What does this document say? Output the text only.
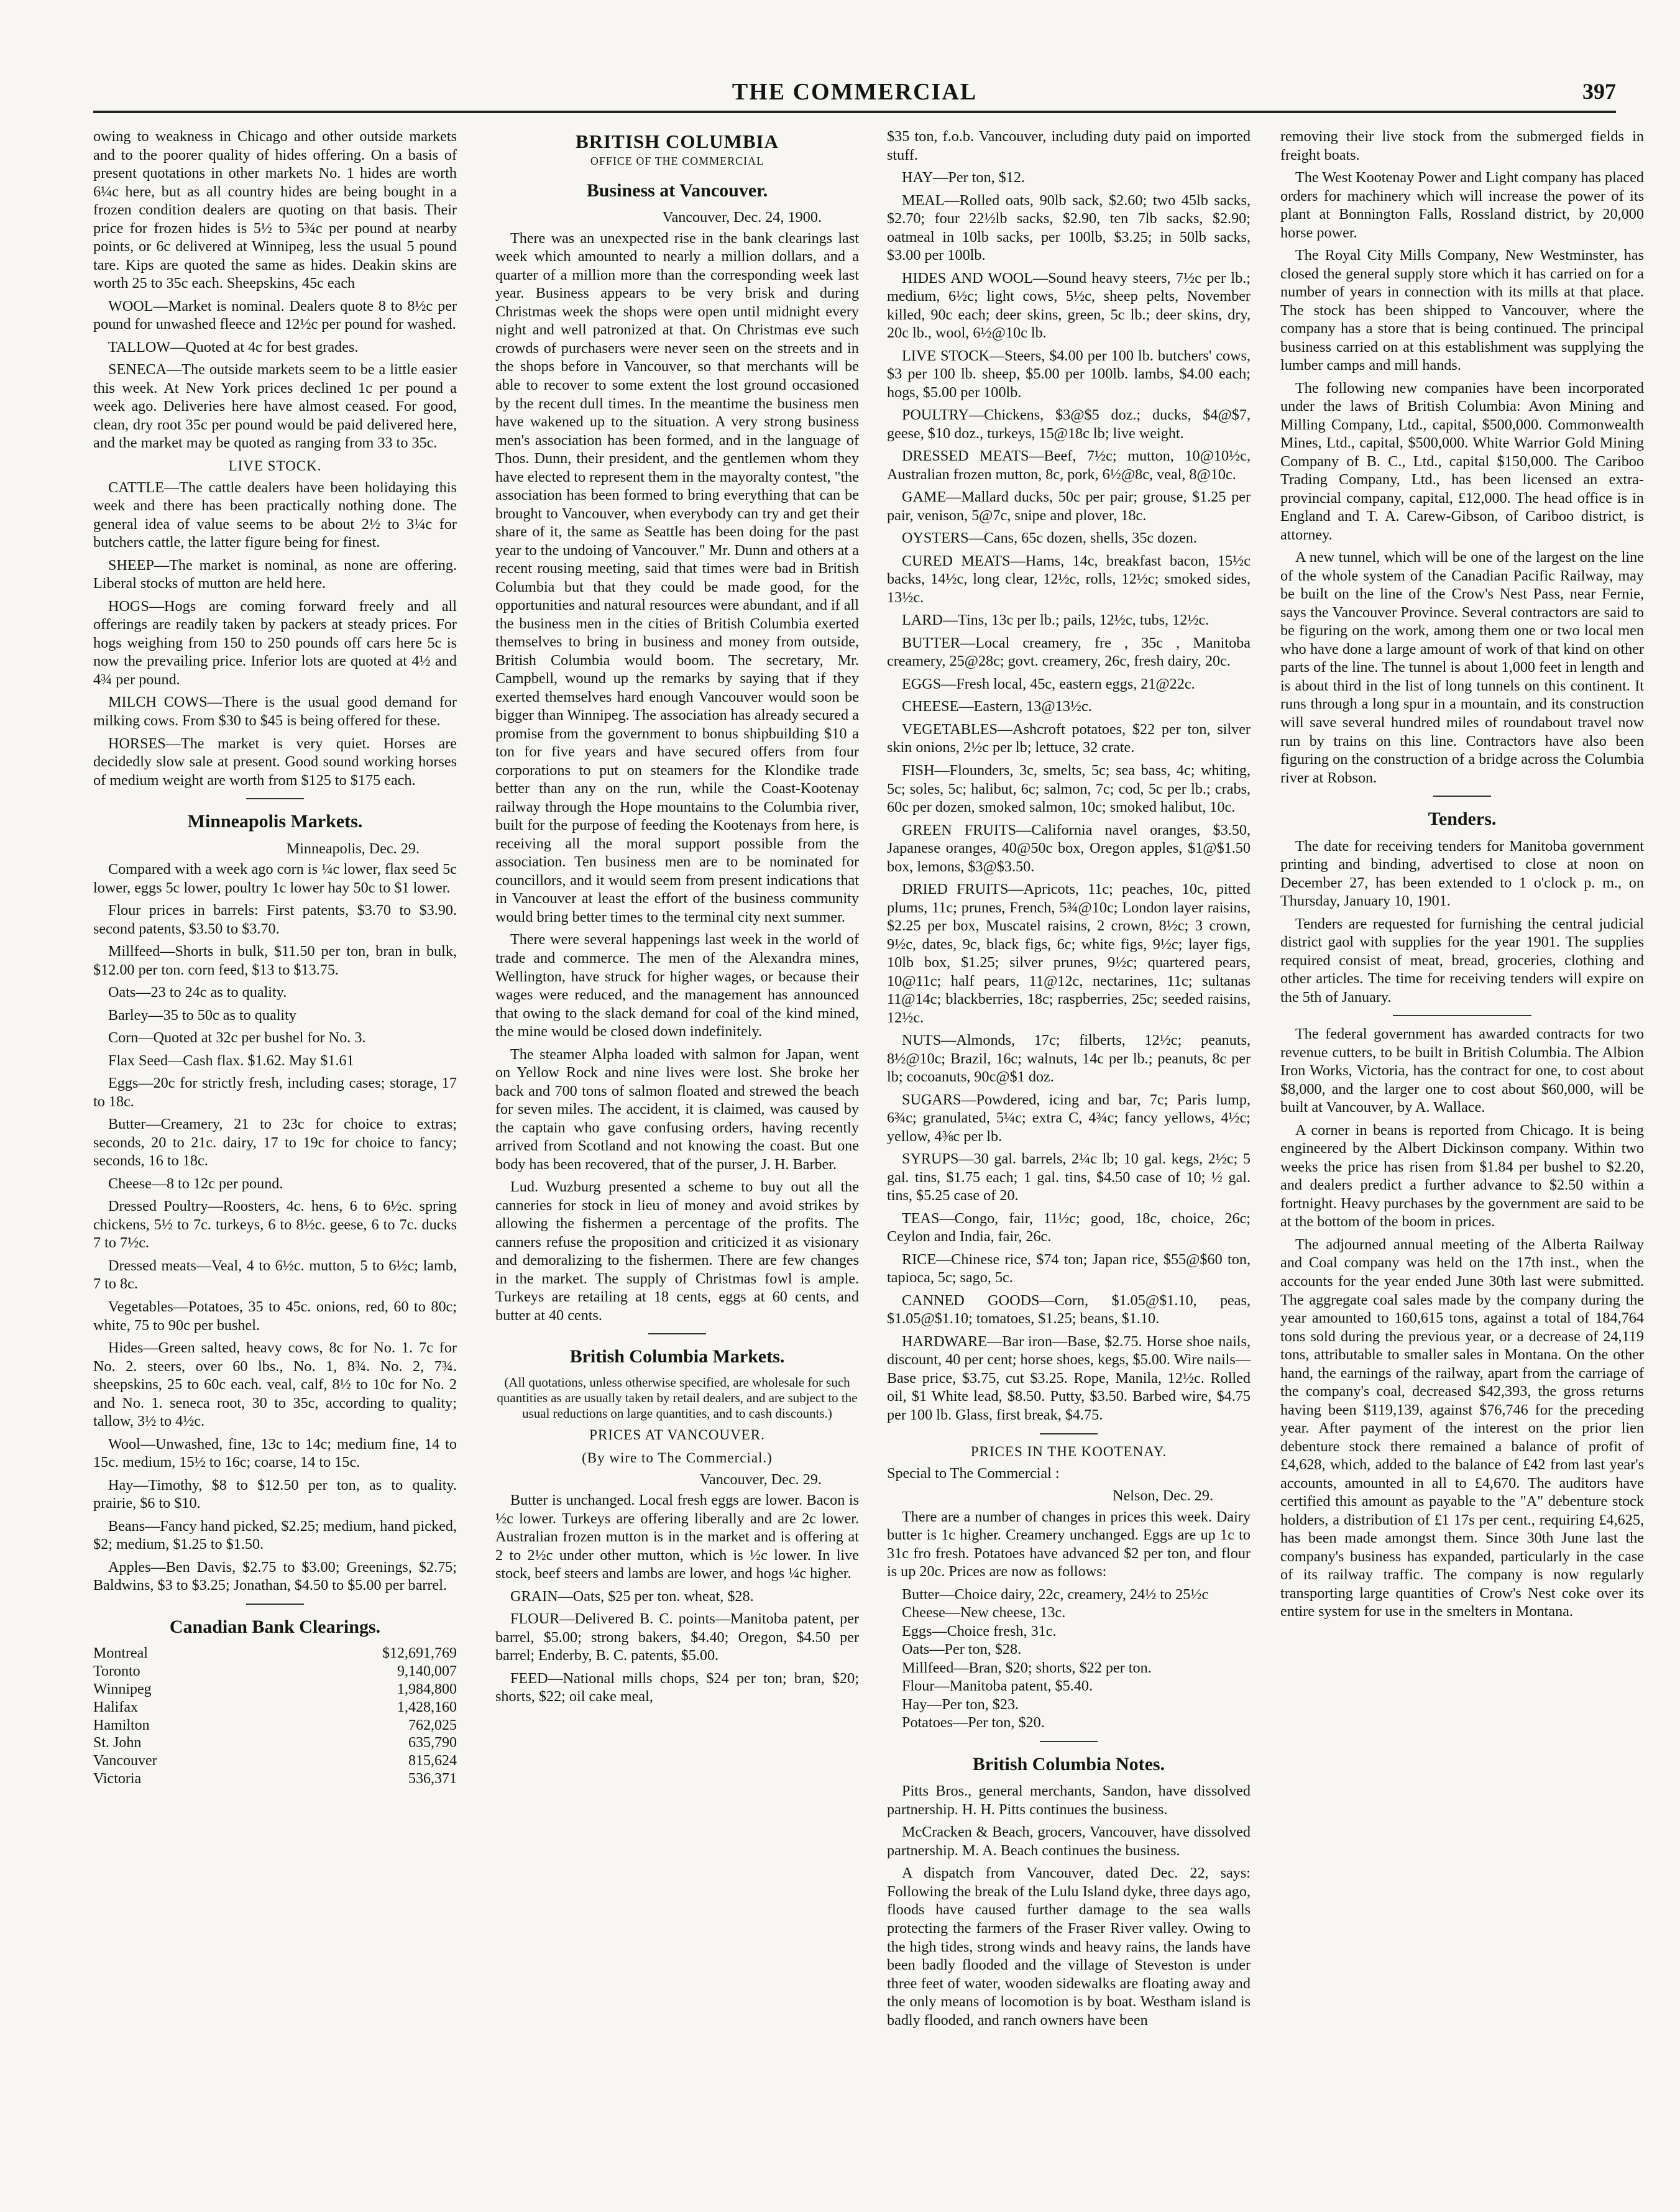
THE COMMERCIAL	397

owing to weakness in Chicago and other outside markets and to the poorer quality of hides offering. On a basis of present quotations in other markets No. 1 hides are worth 6¼c here, but as all country hides are being bought in a frozen condition dealers are quoting on that basis. Their price for frozen hides is 5½ to 5¾c per pound at nearby points, or 6c delivered at Winnipeg, less the usual 5 pound tare. Kips are quoted the same as hides. Deakin skins are worth 25 to 35c each. Sheepskins, 45c each

WOOL—Market is nominal. Dealers quote 8 to 8½c per pound for unwashed fleece and 12½c per pound for washed.

TALLOW—Quoted at 4c for best grades.

SENECA—The outside markets seem to be a little easier this week. At New York prices declined 1c per pound a week ago. Deliveries here have almost ceased. For good, clean, dry root 35c per pound would be paid delivered here, and the market may be quoted as ranging from 33 to 35c.

LIVE STOCK.

CATTLE—The cattle dealers have been holidaying this week and there has been practically nothing done. The general idea of value seems to be about 2½ to 3¼c for butchers cattle, the latter figure being for finest.

SHEEP—The market is nominal, as none are offering. Liberal stocks of mutton are held here.

HOGS—Hogs are coming forward freely and all offerings are readily taken by packers at steady prices. For hogs weighing from 150 to 250 pounds off cars here 5c is now the prevailing price. Inferior lots are quoted at 4½ and 4¾ per pound.

MILCH COWS—There is the usual good demand for milking cows. From $30 to $45 is being offered for these.

HORSES—The market is very quiet. Horses are decidedly slow sale at present. Good sound working horses of medium weight are worth from $125 to $175 each.

Minneapolis Markets.
Minneapolis, Dec. 29.

Compared with a week ago corn is ¼c lower, flax seed 5c lower, eggs 5c lower, poultry 1c lower hay 50c to $1 lower.

Flour prices in barrels: First patents, $3.70 to $3.90. second patents, $3.50 to $3.70.

Millfeed—Shorts in bulk, $11.50 per ton, bran in bulk, $12.00 per ton. corn feed, $13 to $13.75.

Oats—23 to 24c as to quality.

Barley—35 to 50c as to quality

Corn—Quoted at 32c per bushel for No. 3.

Flax Seed—Cash flax. $1.62. May $1.61

Eggs—20c for strictly fresh, including cases; storage, 17 to 18c.

Butter—Creamery, 21 to 23c for choice to extras; seconds, 20 to 21c. dairy, 17 to 19c for choice to fancy; seconds, 16 to 18c.

Cheese—8 to 12c per pound.

Dressed Poultry—Roosters, 4c. hens, 6 to 6½c. spring chickens, 5½ to 7c. turkeys, 6 to 8½c. geese, 6 to 7c. ducks 7 to 7½c.

Dressed meats—Veal, 4 to 6½c. mutton, 5 to 6½c; lamb, 7 to 8c.

Vegetables—Potatoes, 35 to 45c. onions, red, 60 to 80c; white, 75 to 90c per bushel.

Hides—Green salted, heavy cows, 8c for No. 1. 7c for No. 2. steers, over 60 lbs., No. 1, 8¾. No. 2, 7¾. sheepskins, 25 to 60c each. veal, calf, 8½ to 10c for No. 2 and No. 1. seneca root, 30 to 35c, according to quality; tallow, 3½ to 4½c.

Wool—Unwashed, fine, 13c to 14c; medium fine, 14 to 15c. medium, 15½ to 16c; coarse, 14 to 15c.

Hay—Timothy, $8 to $12.50 per ton, as to quality. prairie, $6 to $10.

Beans—Fancy hand picked, $2.25; medium, hand picked, $2; medium, $1.25 to $1.50.

Apples—Ben Davis, $2.75 to $3.00; Greenings, $2.75; Baldwins, $3 to $3.25; Jonathan, $4.50 to $5.00 per barrel.

Canadian Bank Clearings.
Montreal	$12,691,769
Toronto	9,140,007
Winnipeg	1,984,800
Halifax	1,428,160
Hamilton	762,025
St. John	635,790
Vancouver	815,624
Victoria	536,371
BRITISH COLUMBIA
OFFICE OF THE COMMERCIAL
Business at Vancouver.
Vancouver, Dec. 24, 1900.

There was an unexpected rise in the bank clearings last week which amounted to nearly a million dollars, and a quarter of a million more than the corresponding week last year. Business appears to be very brisk and during Christmas week the shops were open until midnight every night and well patronized at that. On Christmas eve such crowds of purchasers were never seen on the streets and in the shops before in Vancouver, so that merchants will be able to recover to some extent the lost ground occasioned by the recent dull times. In the meantime the business men have wakened up to the situation. A very strong business men's association has been formed, and in the language of Thos. Dunn, their president, and the gentlemen whom they have elected to represent them in the mayoralty contest, "the association has been formed to bring everything that can be brought to Vancouver, when everybody can try and get their share of it, the same as Seattle has been doing for the past year to the undoing of Vancouver." Mr. Dunn and others at a recent rousing meeting, said that times were bad in British Columbia but that they could be made good, for the opportunities and natural resources were abundant, and if all the business men in the cities of British Columbia exerted themselves to bring in business and money from outside, British Columbia would boom. The secretary, Mr. Campbell, wound up the remarks by saying that if they exerted themselves hard enough Vancouver would soon be bigger than Winnipeg. The association has already secured a promise from the government to bonus shipbuilding $10 a ton for five years and have secured offers from four corporations to put on steamers for the Klondike trade better than any on the run, while the Coast-Kootenay railway through the Hope mountains to the Columbia river, built for the purpose of feeding the Kootenays from here, is receiving all the moral support possible from the association. Ten business men are to be nominated for councillors, and it would seem from present indications that in Vancouver at least the effort of the business community would bring better times to the terminal city next summer.

There were several happenings last week in the world of trade and commerce. The men of the Alexandra mines, Wellington, have struck for higher wages, or because their wages were reduced, and the management has announced that owing to the slack demand for coal of the kind mined, the mine would be closed down indefinitely.

The steamer Alpha loaded with salmon for Japan, went on Yellow Rock and nine lives were lost. She broke her back and 700 tons of salmon floated and strewed the beach for seven miles. The accident, it is claimed, was caused by the captain who gave confusing orders, having recently arrived from Scotland and not knowing the coast. But one body has been recovered, that of the purser, J. H. Barber.

Lud. Wuzburg presented a scheme to buy out all the canneries for stock in lieu of money and avoid strikes by allowing the fishermen a percentage of the profits. The canners refuse the proposition and criticized it as visionary and demoralizing to the fishermen. There are few changes in the market. The supply of Christmas fowl is ample. Turkeys are retailing at 18 cents, eggs at 60 cents, and butter at 40 cents.

British Columbia Markets.

(All quotations, unless otherwise specified, are wholesale for such quantities as are usually taken by retail dealers, and are subject to the usual reductions on large quantities, and to cash discounts.)

PRICES AT VANCOUVER.
(By wire to The Commercial.)
Vancouver, Dec. 29.

Butter is unchanged. Local fresh eggs are lower. Bacon is ½c lower. Turkeys are offering liberally and are 2c lower. Australian frozen mutton is in the market and is offering at 2 to 2½c under other mutton, which is ½c lower. In live stock, beef steers and lambs are lower, and hogs ¼c higher.

GRAIN—Oats, $25 per ton. wheat, $28.

FLOUR—Delivered B. C. points—Manitoba patent, per barrel, $5.00; strong bakers, $4.40; Oregon, $4.50 per barrel; Enderby, B. C. patents, $5.00.

FEED—National mills chops, $24 per ton; bran, $20; shorts, $22; oil cake meal,

$35 ton, f.o.b. Vancouver, including duty paid on imported stuff.

HAY—Per ton, $12.

MEAL—Rolled oats, 90lb sack, $2.60; two 45lb sacks, $2.70; four 22½lb sacks, $2.90, ten 7lb sacks, $2.90; oatmeal in 10lb sacks, per 100lb, $3.25; in 50lb sacks, $3.00 per 100lb.

HIDES AND WOOL—Sound heavy steers, 7½c per lb.; medium, 6½c; light cows, 5½c, sheep pelts, November killed, 90c each; deer skins, green, 5c lb.; deer skins, dry, 20c lb., wool, 6½@10c lb.

LIVE STOCK—Steers, $4.00 per 100 lb. butchers' cows, $3 per 100 lb. sheep, $5.00 per 100lb. lambs, $4.00 each; hogs, $5.00 per 100lb.

POULTRY—Chickens, $3@$5 doz.; ducks, $4@$7, geese, $10 doz., turkeys, 15@18c lb; live weight.

DRESSED MEATS—Beef, 7½c; mutton, 10@10½c, Australian frozen mutton, 8c, pork, 6½@8c, veal, 8@10c.

GAME—Mallard ducks, 50c per pair; grouse, $1.25 per pair, venison, 5@7c, snipe and plover, 18c.

OYSTERS—Cans, 65c dozen, shells, 35c dozen.

CURED MEATS—Hams, 14c, breakfast bacon, 15½c backs, 14½c, long clear, 12½c, rolls, 12½c; smoked sides, 13½c.

LARD—Tins, 13c per lb.; pails, 12½c, tubs, 12½c.

BUTTER—Local creamery, fre , 35c , Manitoba creamery, 25@28c; govt. creamery, 26c, fresh dairy, 20c.

EGGS—Fresh local, 45c, eastern eggs, 21@22c.

CHEESE—Eastern, 13@13½c.

VEGETABLES—Ashcroft potatoes, $22 per ton, silver skin onions, 2½c per lb; lettuce, 32 crate.

FISH—Flounders, 3c, smelts, 5c; sea bass, 4c; whiting, 5c; soles, 5c; halibut, 6c; salmon, 7c; cod, 5c per lb.; crabs, 60c per dozen, smoked salmon, 10c; smoked halibut, 10c.

GREEN FRUITS—California navel oranges, $3.50, Japanese oranges, 40@50c box, Oregon apples, $1@$1.50 box, lemons, $3@$3.50.

DRIED FRUITS—Apricots, 11c; peaches, 10c, pitted plums, 11c; prunes, French, 5¾@10c; London layer raisins, $2.25 per box, Muscatel raisins, 2 crown, 8½c; 3 crown, 9½c, dates, 9c, black figs, 6c; white figs, 9½c; layer figs, 10lb box, $1.25; silver prunes, 9½c; quartered pears, 10@11c; half pears, 11@12c, nectarines, 11c; sultanas 11@14c; blackberries, 18c; raspberries, 25c; seeded raisins, 12½c.

NUTS—Almonds, 17c; filberts, 12½c; peanuts, 8½@10c; Brazil, 16c; walnuts, 14c per lb.; peanuts, 8c per lb; cocoanuts, 90c@$1 doz.

SUGARS—Powdered, icing and bar, 7c; Paris lump, 6¾c; granulated, 5¼c; extra C, 4¾c; fancy yellows, 4½c; yellow, 4⅜c per lb.

SYRUPS—30 gal. barrels, 2¼c lb; 10 gal. kegs, 2½c; 5 gal. tins, $1.75 each; 1 gal. tins, $4.50 case of 10; ½ gal. tins, $5.25 case of 20.

TEAS—Congo, fair, 11½c; good, 18c, choice, 26c; Ceylon and India, fair, 26c.

RICE—Chinese rice, $74 ton; Japan rice, $55@$60 ton, tapioca, 5c; sago, 5c.

CANNED GOODS—Corn, $1.05@$1.10, peas, $1.05@$1.10; tomatoes, $1.25; beans, $1.10.

HARDWARE—Bar iron—Base, $2.75. Horse shoe nails, discount, 40 per cent; horse shoes, kegs, $5.00. Wire nails—Base price, $3.75, cut $3.25. Rope, Manila, 12½c. Rolled oil, $1 White lead, $8.50. Putty, $3.50. Barbed wire, $4.75 per 100 lb. Glass, first break, $4.75.

PRICES IN THE KOOTENAY.

Special to The Commercial :

Nelson, Dec. 29.

There are a number of changes in prices this week. Dairy butter is 1c higher. Creamery unchanged. Eggs are up 1c to 31c fro fresh. Potatoes have advanced $2 per ton, and flour is up 20c. Prices are now as follows:

Butter—Choice dairy, 22c, creamery, 24½ to 25½c

Cheese—New cheese, 13c.

Eggs—Choice fresh, 31c.

Oats—Per ton, $28.

Millfeed—Bran, $20; shorts, $22 per ton.

Flour—Manitoba patent, $5.40.

Hay—Per ton, $23.

Potatoes—Per ton, $20.

British Columbia Notes.

Pitts Bros., general merchants, Sandon, have dissolved partnership. H. H. Pitts continues the business.

McCracken & Beach, grocers, Vancouver, have dissolved partnership. M. A. Beach continues the business.

A dispatch from Vancouver, dated Dec. 22, says: Following the break of the Lulu Island dyke, three days ago, floods have caused further damage to the sea walls protecting the farmers of the Fraser River valley. Owing to the high tides, strong winds and heavy rains, the lands have been badly flooded and the village of Steveston is under three feet of water, wooden sidewalks are floating away and the only means of locomotion is by boat. Westham island is badly flooded, and ranch owners have been

removing their live stock from the submerged fields in freight boats.

The West Kootenay Power and Light company has placed orders for machinery which will increase the power of its plant at Bonnington Falls, Rossland district, by 20,000 horse power.

The Royal City Mills Company, New Westminster, has closed the general supply store which it has carried on for a number of years in connection with its mills at that place. The stock has been shipped to Vancouver, where the company has a store that is being continued. The principal business carried on at this establishment was supplying the lumber camps and mill hands.

The following new companies have been incorporated under the laws of British Columbia: Avon Mining and Milling Company, Ltd., capital, $500,000. Commonwealth Mines, Ltd., capital, $500,000. White Warrior Gold Mining Company of B. C., Ltd., capital $150,000. The Cariboo Trading Company, Ltd., has been licensed an extra-provincial company, capital, £12,000. The head office is in England and T. A. Carew-Gibson, of Cariboo district, is attorney.

A new tunnel, which will be one of the largest on the line of the whole system of the Canadian Pacific Railway, may be built on the line of the Crow's Nest Pass, near Fernie, says the Vancouver Province. Several contractors are said to be figuring on the work, among them one or two local men who have done a large amount of work of that kind on other parts of the line. The tunnel is about 1,000 feet in length and is about third in the list of long tunnels on this continent. It runs through a long spur in a mountain, and its construction will save several hundred miles of roundabout travel now run by trains on this line. Contractors have also been figuring on the construction of a bridge across the Columbia river at Robson.

Tenders.

The date for receiving tenders for Manitoba government printing and binding, advertised to close at noon on December 27, has been extended to 1 o'clock p. m., on Thursday, January 10, 1901.

Tenders are requested for furnishing the central judicial district gaol with supplies for the year 1901. The supplies required consist of meat, bread, groceries, clothing and other articles. The time for receiving tenders will expire on the 5th of January.

The federal government has awarded contracts for two revenue cutters, to be built in British Columbia. The Albion Iron Works, Victoria, has the contract for one, to cost about $8,000, and the larger one to cost about $60,000, will be built at Vancouver, by A. Wallace.

A corner in beans is reported from Chicago. It is being engineered by the Albert Dickinson company. Within two weeks the price has risen from $1.84 per bushel to $2.20, and dealers predict a further advance to $2.50 within a fortnight. Heavy purchases by the government are said to be at the bottom of the boom in prices.

The adjourned annual meeting of the Alberta Railway and Coal company was held on the 17th inst., when the accounts for the year ended June 30th last were submitted. The aggregate coal sales made by the company during the year amounted to 160,615 tons, against a total of 184,764 tons sold during the previous year, or a decrease of 24,119 tons, attributable to smaller sales in Montana. On the other hand, the earnings of the railway, apart from the carriage of the company's coal, decreased $42,393, the gross returns having been $119,139, against $76,746 for the preceding year. After payment of the interest on the prior lien debenture stock there remained a balance of profit of £4,628, which, added to the balance of £42 from last year's accounts, amounted in all to £4,670. The auditors have certified this amount as payable to the "A" debenture stock holders, a distribution of £1 17s per cent., requiring £4,625, has been made amongst them. Since 30th June last the company's business has expanded, particularly in the case of its railway traffic. The company is now regularly transporting large quantities of Crow's Nest coke over its entire system for use in the smelters in Montana.
